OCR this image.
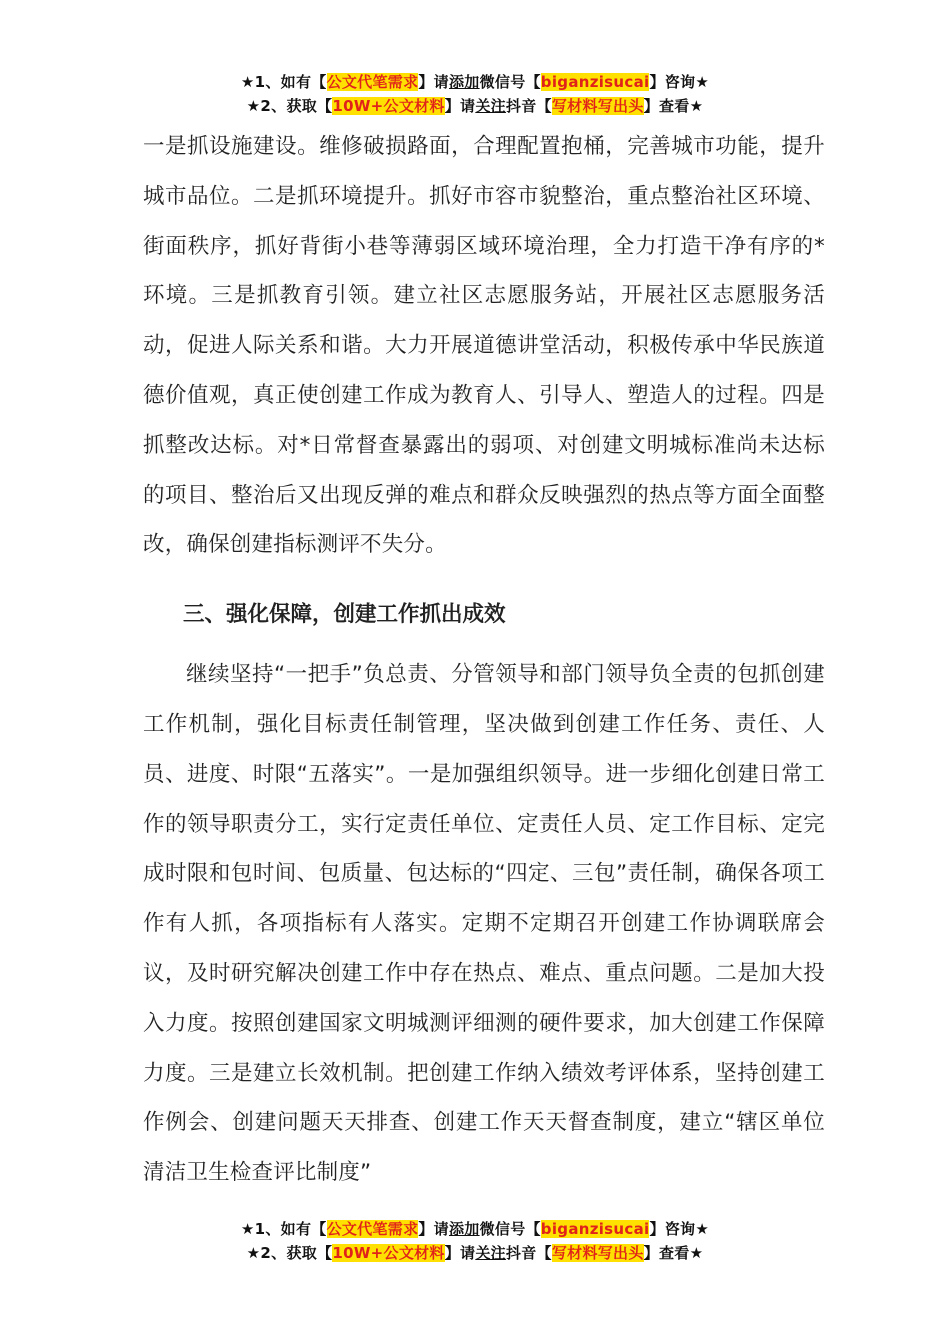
★1、如有【公文代笔需求】请添加微信号【biganzisucai】咨询★
★2、获取【10W+公文材料】请关注抖音【写材料写出头】查看★

一是抓设施建设。维修破损路面，合理配置抱桶，完善城市功能，提升城市品位。二是抓环境提升。抓好市容市貌整治，重点整治社区环境、街面秩序，抓好背街小巷等薄弱区域环境治理，全力打造干净有序的*环境。三是抓教育引领。建立社区志愿服务站，开展社区志愿服务活动，促进人际关系和谐。大力开展道德讲堂活动，积极传承中华民族道德价值观，真正使创建工作成为教育人、引导人、塑造人的过程。四是抓整改达标。对*日常督查暴露出的弱项、对创建文明城标准尚未达标的项目、整治后又出现反弹的难点和群众反映强烈的热点等方面全面整改，确保创建指标测评不失分。

三、强化保障，创建工作抓出成效

继续坚持“一把手”负总责、分管领导和部门领导负全责的包抓创建工作机制，强化目标责任制管理，坚决做到创建工作任务、责任、人员、进度、时限“五落实”。一是加强组织领导。进一步细化创建日常工作的领导职责分工，实行定责任单位、定责任人员、定工作目标、定完成时限和包时间、包质量、包达标的“四定、三包”责任制，确保各项工作有人抓，各项指标有人落实。定期不定期召开创建工作协调联席会议，及时研究解决创建工作中存在热点、难点、重点问题。二是加大投入力度。按照创建国家文明城测评细测的硬件要求，加大创建工作保障力度。三是建立长效机制。把创建工作纳入绩效考评体系，坚持创建工作例会、创建问题天天排查、创建工作天天督查制度，建立“辖区单位清洁卫生检查评比制度”

★1、如有【公文代笔需求】请添加微信号【biganzisucai】咨询★
★2、获取【10W+公文材料】请关注抖音【写材料写出头】查看★
